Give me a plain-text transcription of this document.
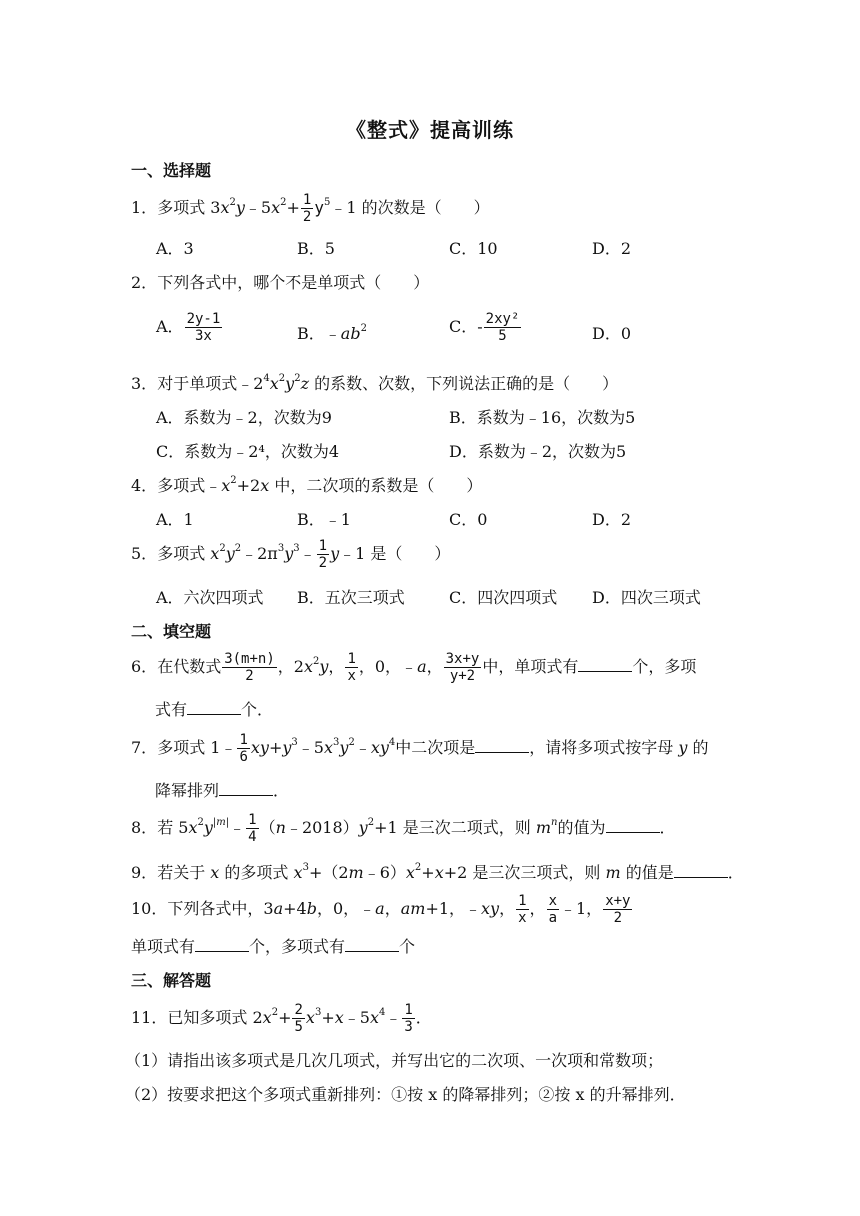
《整式》提高训练
一、选择题
1．多项式 $3x^2y﹣5x^2+ \frac{1}{2}$ $y^5﹣1$ 的次数是（　　）
A．3	B．5	C．10	D．2
2．下列各式中，哪个不是单项式（　　）
A． $\frac{2y-1}{3x}$	B．$﹣ab^2$	C．- $\frac{\text{2xy²}}{5}$	D．0
3．对于单项式$﹣2^4x^2y^2z$ 的系数、次数，下列说法正确的是（　　）
A．系数为﹣2，次数为9	B．系数为﹣16，次数为5
C．系数为﹣2⁴，次数为4	D．系数为﹣2，次数为5
4．多项式$﹣x^2+2x$ 中，二次项的系数是（　　）
A．1	B．﹣1	C．0	D．2
5．多项式 $x^2y^2﹣2\pi^3y^3﹣ \frac{1}{2}$ y﹣1 是（　　）
A．六次四项式 B．五次三项式	C．四次四项式 D．四次三项式
二、填空题
6．在代数式 $\frac{3(m+n)}{2}$ ，$2x^2y$， $\frac{1}{x}$ ，0，﹣a， $\frac{3x+y}{y+2}$ 中，单项式有	个，多项
式有	个．
7．多项式 1﹣ $\frac{1}{6}$ $xy+y^3﹣5x^3y^2﹣xy^4$中二次项是	，请将多项式按字母 y 的
降幂排列	．
8．若 $5x^2y^{|m|}﹣ \frac{1}{4}$ $(n﹣2018)y^2+1$ 是三次二项式，则 $m^n$的值为	．
9．若关于 x 的多项式 $x^3+(2m﹣6)x^2+x+2$ 是三次三项式，则 m 的值是	．
10．下列各式中，3a+4b，0，﹣a，am+1，﹣xy， $\frac{1}{x}$ ， $\frac{x}{a}$ ﹣1， $\frac{x+y}{2}$
单项式有	个，多项式有	个
三、解答题
11．已知多项式 $2x^2+ \frac{2}{5}$ $x^3+x﹣5x^4﹣ \frac{1}{3}$ ．
（1）请指出该多项式是几次几项式，并写出它的二次项、一次项和常数项；
（2）按要求把这个多项式重新排列：①按 x 的降幂排列；②按 x 的升幂排列．
